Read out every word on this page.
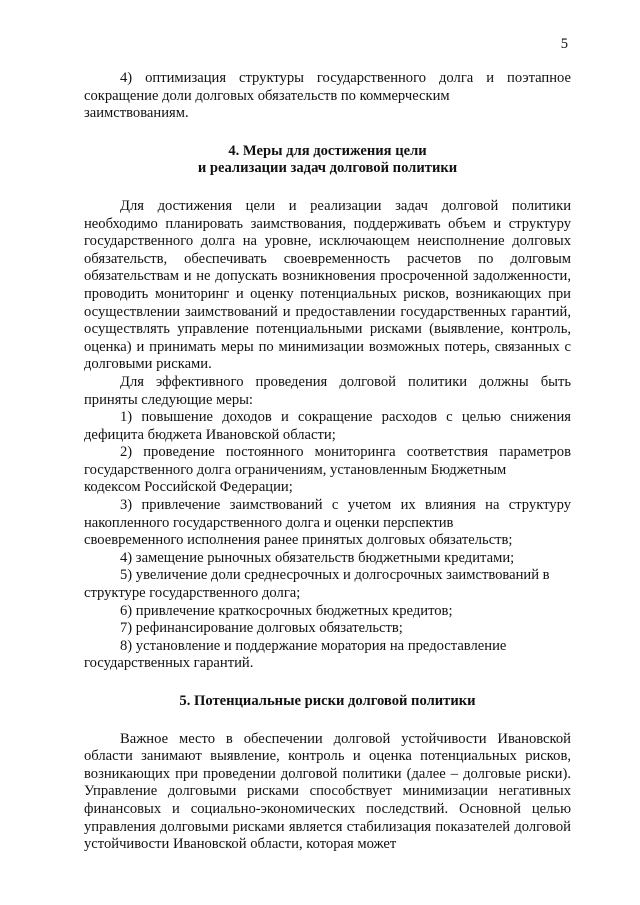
5

4) оптимизация структуры государственного долга и поэтапное сокращение доли долговых обязательств по коммерческим
заимствованиям.

4. Меры для достижения цели
и реализации задач долговой политики

Для достижения цели и реализации задач долговой политики необходимо планировать заимствования, поддерживать объем и структуру государственного долга на уровне, исключающем неисполнение долговых обязательств, обеспечивать своевременность расчетов по долговым обязательствам и не допускать возникновения просроченной задолженности, проводить мониторинг и оценку потенциальных рисков, возникающих при осуществлении заимствований и предоставлении государственных гарантий, осуществлять управление потенциальными рисками (выявление, контроль, оценка) и принимать меры по минимизации возможных потерь, связанных с долговыми рисками.

Для эффективного проведения долговой политики должны быть приняты следующие меры:

1) повышение доходов и сокращение расходов с целью снижения дефицита бюджета Ивановской области;

2) проведение постоянного мониторинга соответствия параметров государственного долга ограничениям, установленным Бюджетным
кодексом Российской Федерации;

3) привлечение заимствований с учетом их влияния на структуру накопленного государственного долга и оценки перспектив
своевременного исполнения ранее принятых долговых обязательств;

4) замещение рыночных обязательств бюджетными кредитами;

5) увеличение доли среднесрочных и долгосрочных заимствований в
структуре государственного долга;

6) привлечение краткосрочных бюджетных кредитов;

7) рефинансирование долговых обязательств;

8) установление и поддержание моратория на предоставление
государственных гарантий.

5. Потенциальные риски долговой политики

Важное место в обеспечении долговой устойчивости Ивановской области занимают выявление, контроль и оценка потенциальных рисков, возникающих при проведении долговой политики (далее – долговые риски). Управление долговыми рисками способствует минимизации негативных финансовых и социально-экономических последствий. Основной целью управления долговыми рисками является стабилизация показателей долговой устойчивости Ивановской области, которая может
